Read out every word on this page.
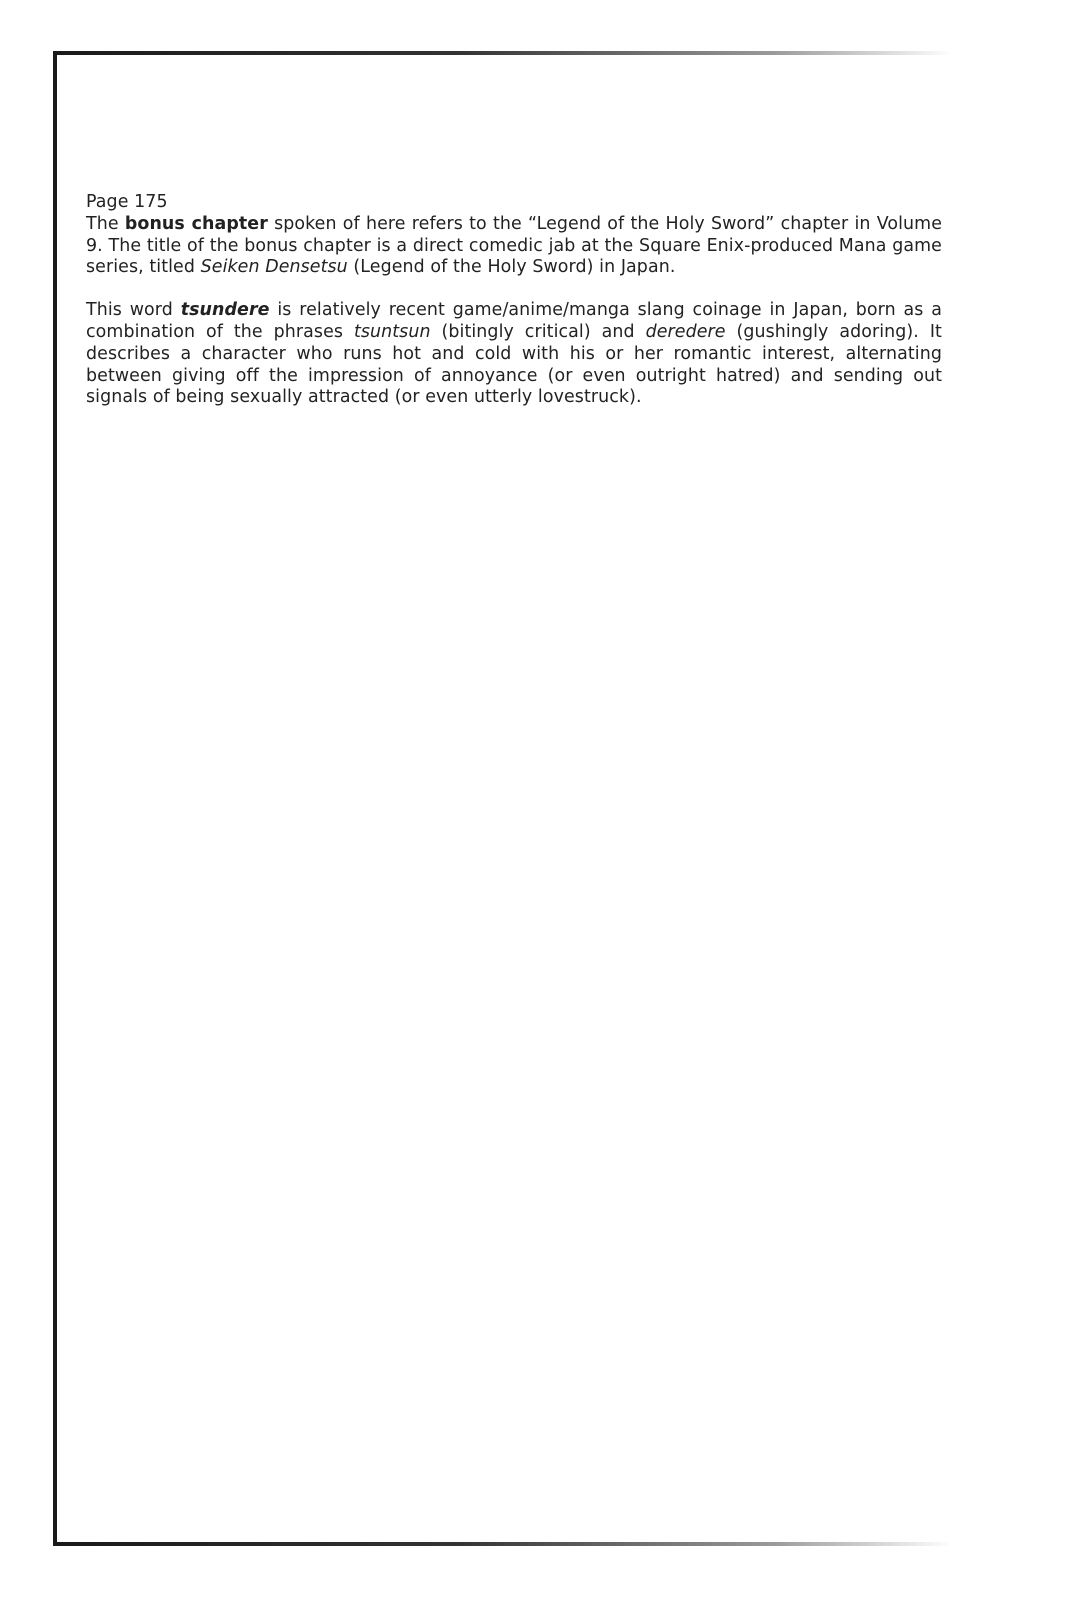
Page 175
The bonus chapter spoken of here refers to the “Legend of the Holy Sword” chapter in Volume 9. The title of the bonus chapter is a direct comedic jab at the Square Enix-produced Mana game series, titled Seiken Densetsu (Legend of the Holy Sword) in Japan.

This word tsundere is relatively recent game/anime/manga slang coinage in Japan, born as a combination of the phrases tsuntsun (bitingly critical) and deredere (gushingly adoring). It describes a character who runs hot and cold with his or her romantic interest, alternating between giving off the impression of annoyance (or even outright hatred) and sending out signals of being sexually attracted (or even utterly lovestruck).
